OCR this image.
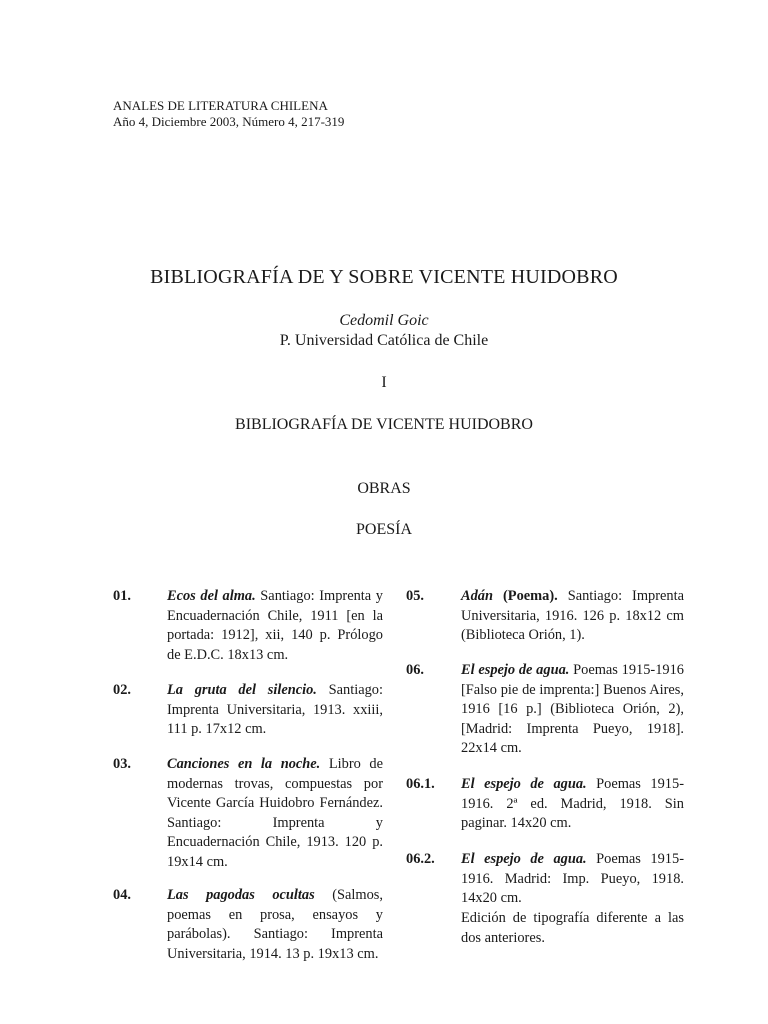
ANALES DE LITERATURA CHILENA
Año 4, Diciembre 2003, Número 4, 217-319
BIBLIOGRAFÍA DE Y SOBRE VICENTE HUIDOBRO
Cedomil Goic
P. Universidad Católica de Chile
I
BIBLIOGRAFÍA DE VICENTE HUIDOBRO
OBRAS
POESÍA
01.	Ecos del alma. Santiago: Imprenta y Encuadernación Chile, 1911 [en la portada: 1912], xii, 140 p. Prólogo de E.D.C. 18x13 cm.
02.	La gruta del silencio. Santiago: Imprenta Universitaria, 1913. xxiii, 111 p. 17x12 cm.
03.	Canciones en la noche. Libro de modernas trovas, compuestas por Vicente García Huidobro Fernández. Santiago: Imprenta y Encuadernación Chile, 1913. 120 p. 19x14 cm.
04.	Las pagodas ocultas (Salmos, poemas en prosa, ensayos y parábolas). Santiago: Imprenta Universitaria, 1914. 13 p. 19x13 cm.
05.	Adán (Poema). Santiago: Imprenta Universitaria, 1916. 126 p. 18x12 cm (Biblioteca Orión, 1).
06.	El espejo de agua. Poemas 1915-1916 [Falso pie de imprenta:] Buenos Aires, 1916 [16 p.] (Biblioteca Orión, 2), [Madrid: Imprenta Pueyo, 1918]. 22x14 cm.
06.1. El espejo de agua. Poemas 1915-1916. 2ª ed. Madrid, 1918. Sin paginar. 14x20 cm.
06.2. El espejo de agua. Poemas 1915-1916. Madrid: Imp. Pueyo, 1918. 14x20 cm.
Edición de tipografía diferente a las dos anteriores.
